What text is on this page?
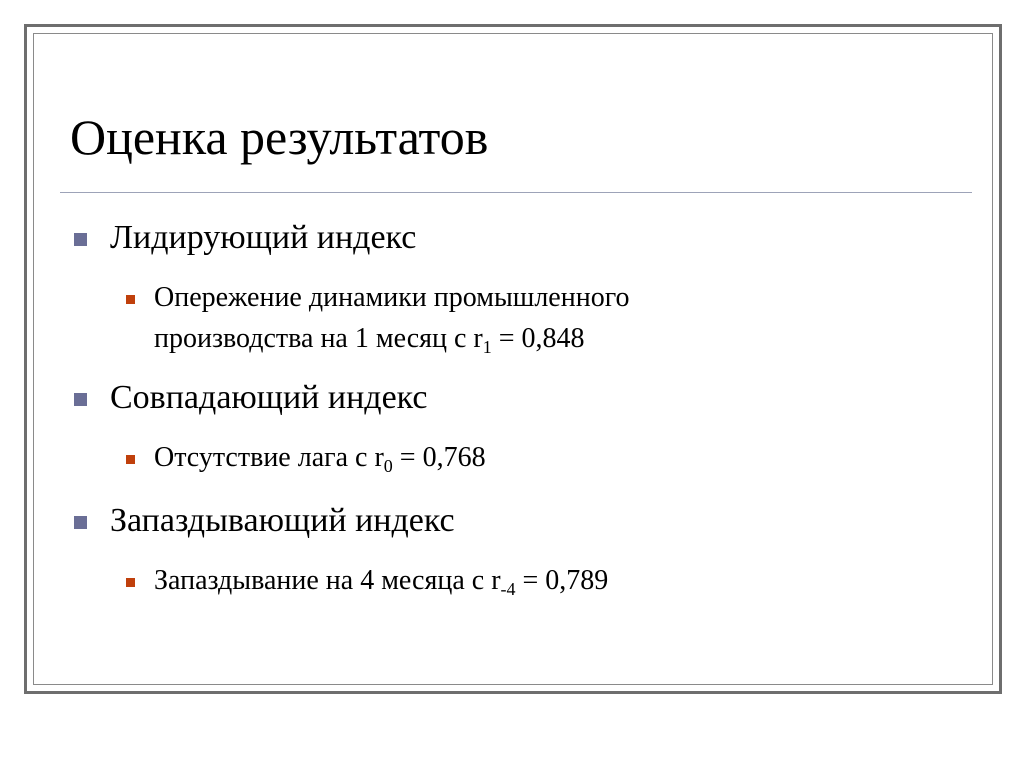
Оценка результатов
Лидирующий индекс
Опережение динамики промышленного
производства на 1 месяц с $r_1 = 0,848$
Совпадающий индекс
Отсутствие лага с $r_0 = 0,768$
Запаздывающий индекс
Запаздывание на 4 месяца с $r_{-4} = 0,789$
